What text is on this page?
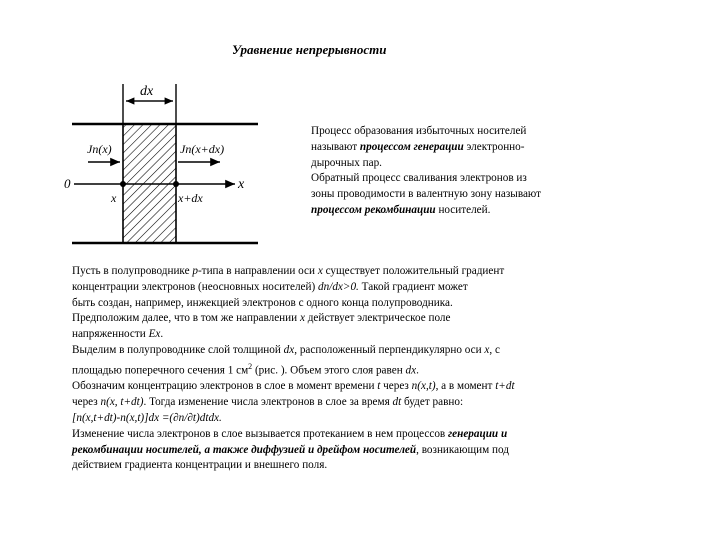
Уравнение непрерывности
dx
Jn(x)	Jn(x+dx)
0	x
x	x+dx

Процесс образования избыточных носителей

называют процессом генерации электронно-

дырочных пар.

Обратный процесс сваливания электронов из

зоны проводимости в валентную зону называют

процессом рекомбинации носителей.

Пусть в полупроводнике p-типа в направлении оси x существует положительный градиент

концентрации электронов (неосновных носителей) dn/dx>0. Такой градиент может

быть создан, например, инжекцией электронов с одного конца полупроводника.

Предположим далее, что в том же направлении x действует электрическое поле

напряженности Ex.

Выделим в полупроводнике слой толщиной dx, расположенный перпендикулярно оси x, с

площадью поперечного сечения 1 $см^2$ (рис. ). Объем этого слоя равен dx.

Обозначим концентрацию электронов в слое в момент времени t через n(x,t), а в момент t+dt

через n(x, t+dt). Тогда изменение числа электронов в слое за время dt будет равно:

[n(x,t+dt)-n(x,t)]dx =(∂n/∂t)dtdx.

Изменение числа электронов в слое вызывается протеканием в нем процессов генерации и

рекомбинации носителей, а также диффузией и дрейфом носителей, возникающим под

действием градиента концентрации и внешнего поля.
